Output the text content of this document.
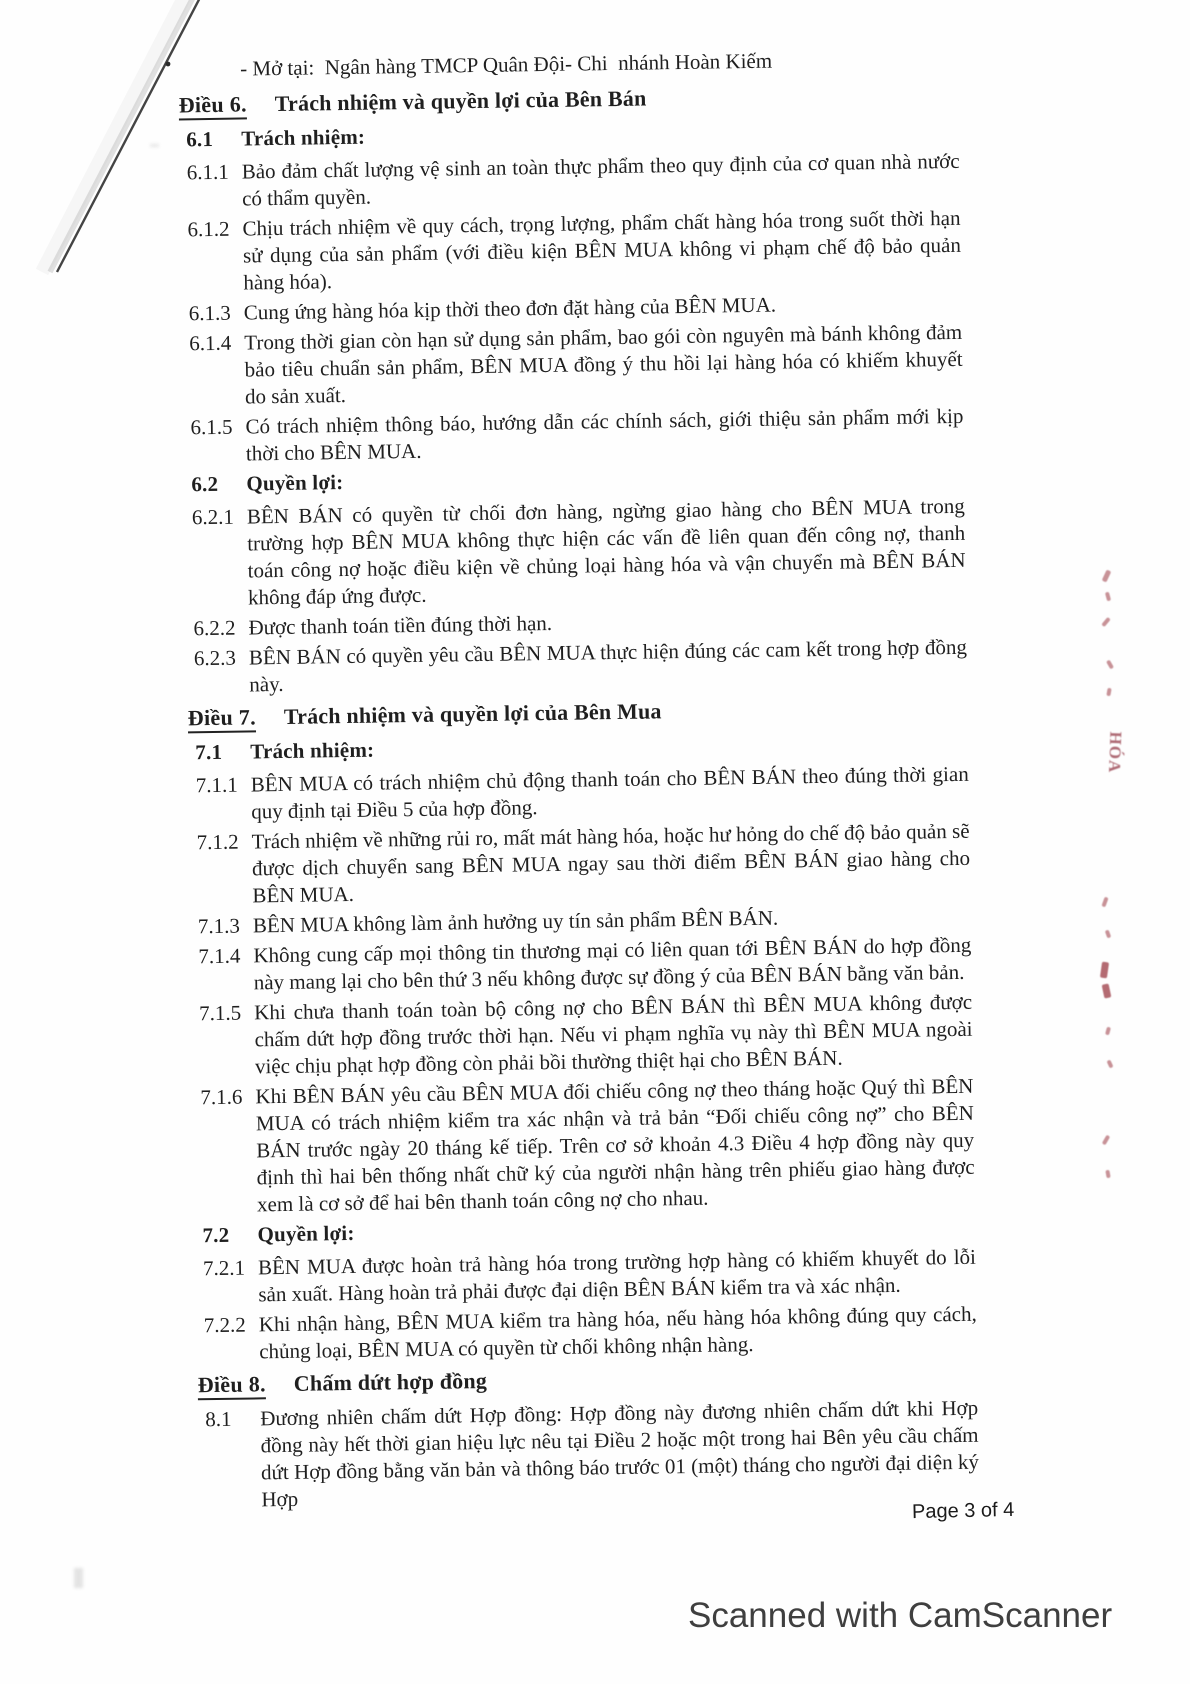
- Mở tại:  Ngân hàng TMCP Quân Đội- Chi  nhánh Hoàn Kiếm
Điều 6. Trách nhiệm và quyền lợi của Bên Bán
6.1	Trách nhiệm:
6.1.1 Bảo đảm chất lượng vệ sinh an toàn thực phẩm theo quy định của cơ quan nhà nước có thẩm quyền.
6.1.2 Chịu trách nhiệm về quy cách, trọng lượng, phẩm chất hàng hóa trong suốt thời hạn sử dụng của sản phẩm (với điều kiện BÊN MUA không vi phạm chế độ bảo quản hàng hóa).
6.1.3 Cung ứng hàng hóa kịp thời theo đơn đặt hàng của BÊN MUA.
6.1.4 Trong thời gian còn hạn sử dụng sản phẩm, bao gói còn nguyên mà bánh không đảm bảo tiêu chuẩn sản phẩm, BÊN MUA đồng ý thu hồi lại hàng hóa có khiếm khuyết do sản xuất.
6.1.5 Có trách nhiệm thông báo, hướng dẫn các chính sách, giới thiệu sản phẩm mới kịp thời cho BÊN MUA.
6.2	Quyền lợi:
6.2.1 BÊN BÁN có quyền từ chối đơn hàng, ngừng giao hàng cho BÊN MUA trong trường hợp BÊN MUA không thực hiện các vấn đề liên quan đến công nợ, thanh toán công nợ hoặc điều kiện về chủng loại hàng hóa và vận chuyển mà BÊN BÁN không đáp ứng được.
6.2.2 Được thanh toán tiền đúng thời hạn.
6.2.3 BÊN BÁN có quyền yêu cầu BÊN MUA thực hiện đúng các cam kết trong hợp đồng này.
Điều 7. Trách nhiệm và quyền lợi của Bên Mua
7.1	Trách nhiệm:
7.1.1 BÊN MUA có trách nhiệm chủ động thanh toán cho BÊN BÁN theo đúng thời gian quy định tại Điều 5 của hợp đồng.
7.1.2 Trách nhiệm về những rủi ro, mất mát hàng hóa, hoặc hư hỏng do chế độ bảo quản sẽ được dịch chuyển sang BÊN MUA ngay sau thời điểm BÊN BÁN giao hàng cho BÊN MUA.
7.1.3 BÊN MUA không làm ảnh hưởng uy tín sản phẩm BÊN BÁN.
7.1.4 Không cung cấp mọi thông tin thương mại có liên quan tới BÊN BÁN do hợp đồng này mang lại cho bên thứ 3 nếu không được sự đồng ý của BÊN BÁN bằng văn bản.
7.1.5 Khi chưa thanh toán toàn bộ công nợ cho BÊN BÁN thì BÊN MUA không được chấm dứt hợp đồng trước thời hạn. Nếu vi phạm nghĩa vụ này thì BÊN MUA ngoài việc chịu phạt hợp đồng còn phải bồi thường thiệt hại cho BÊN BÁN.
7.1.6 Khi BÊN BÁN yêu cầu BÊN MUA đối chiếu công nợ theo tháng hoặc Quý thì BÊN MUA có trách nhiệm kiểm tra xác nhận và trả bản “Đối chiếu công nợ” cho BÊN BÁN trước ngày 20 tháng kế tiếp. Trên cơ sở khoản 4.3 Điều 4 hợp đồng này quy định thì hai bên thống nhất chữ ký của người nhận hàng trên phiếu giao hàng được xem là cơ sở để hai bên thanh toán công nợ cho nhau.
7.2	Quyền lợi:
7.2.1 BÊN MUA được hoàn trả hàng hóa trong trường hợp hàng có khiếm khuyết do lỗi sản xuất. Hàng hoàn trả phải được đại diện BÊN BÁN kiểm tra và xác nhận.
7.2.2 Khi nhận hàng, BÊN MUA kiểm tra hàng hóa, nếu hàng hóa không đúng quy cách, chủng loại, BÊN MUA có quyền từ chối không nhận hàng.
Điều 8. Chấm dứt hợp đồng
8.1	Đương nhiên chấm dứt Hợp đồng: Hợp đồng này đương nhiên chấm dứt khi Hợp đồng này hết thời gian hiệu lực nêu tại Điều 2 hoặc một trong hai Bên yêu cầu chấm dứt Hợp đồng bằng văn bản và thông báo trước 01 (một) tháng cho người đại diện ký Hợp
HÓA
Page 3 of 4
Scanned with CamScanner
